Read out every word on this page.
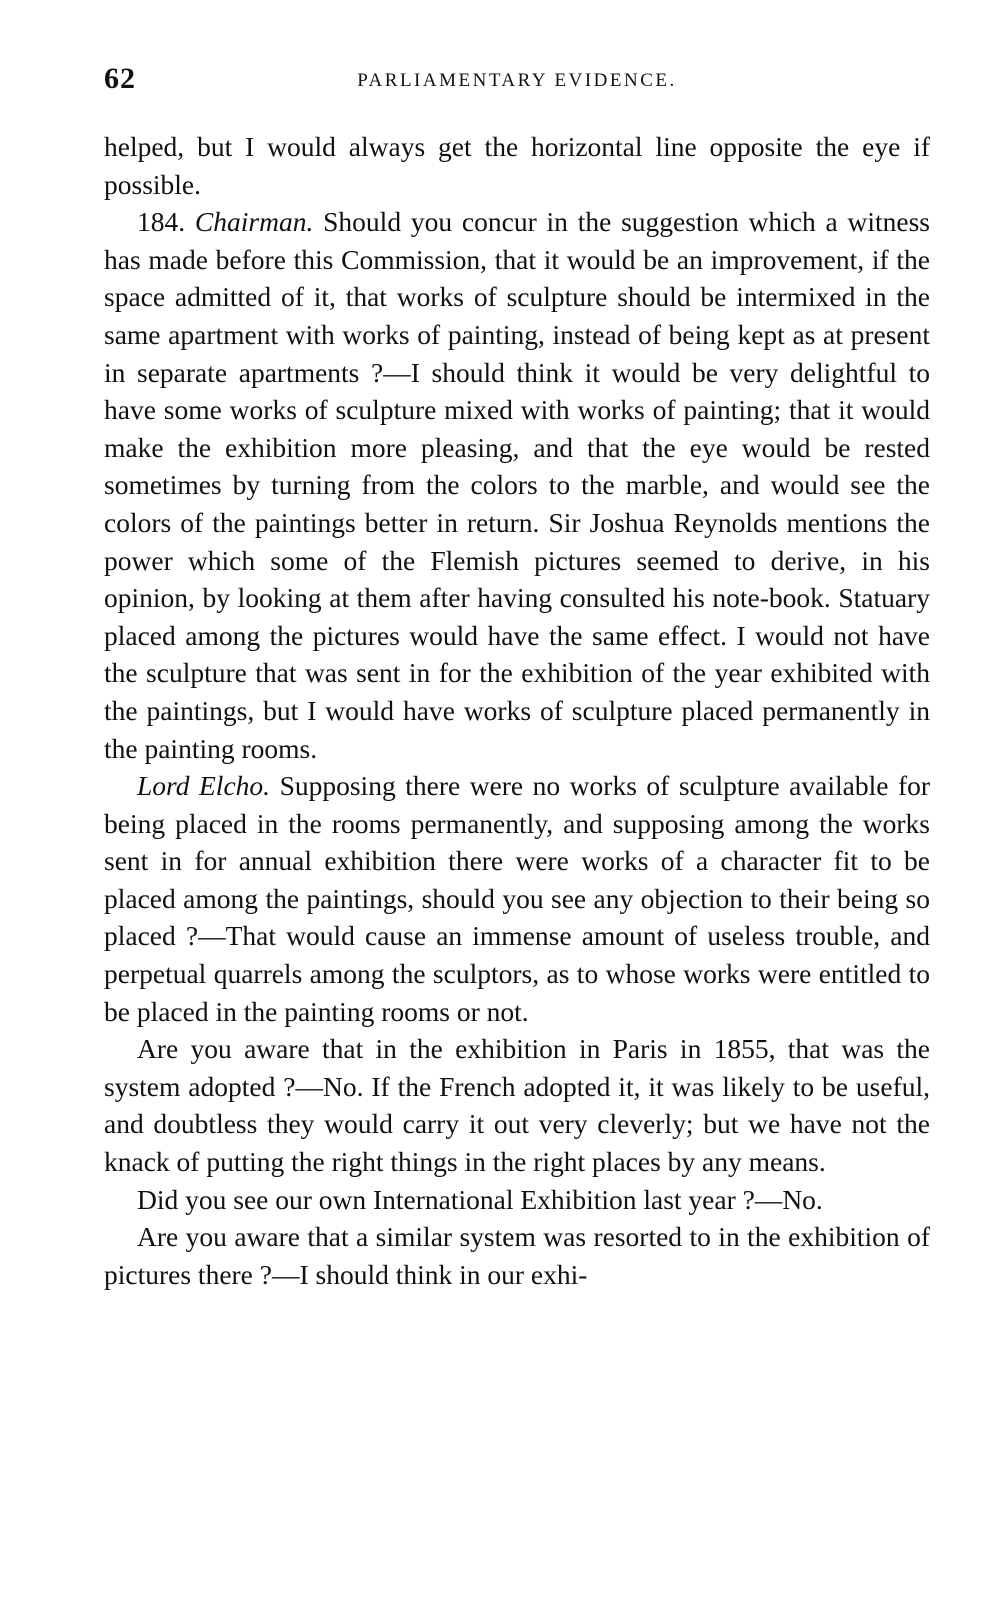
62	PARLIAMENTARY EVIDENCE.

helped, but I would always get the horizontal line opposite the eye if possible.

184. Chairman. Should you concur in the suggestion which a witness has made before this Commission, that it would be an improvement, if the space admitted of it, that works of sculpture should be intermixed in the same apartment with works of painting, instead of being kept as at present in separate apartments ?—I should think it would be very delightful to have some works of sculpture mixed with works of painting; that it would make the exhibition more pleasing, and that the eye would be rested sometimes by turning from the colors to the marble, and would see the colors of the paintings better in return. Sir Joshua Reynolds mentions the power which some of the Flemish pictures seemed to derive, in his opinion, by looking at them after having consulted his note-book. Statuary placed among the pictures would have the same effect. I would not have the sculpture that was sent in for the exhibition of the year exhibited with the paintings, but I would have works of sculpture placed permanently in the painting rooms.

Lord Elcho. Supposing there were no works of sculpture available for being placed in the rooms permanently, and supposing among the works sent in for annual exhibition there were works of a character fit to be placed among the paintings, should you see any objection to their being so placed ?—That would cause an immense amount of useless trouble, and perpetual quarrels among the sculptors, as to whose works were entitled to be placed in the painting rooms or not.

Are you aware that in the exhibition in Paris in 1855, that was the system adopted ?—No. If the French adopted it, it was likely to be useful, and doubtless they would carry it out very cleverly; but we have not the knack of putting the right things in the right places by any means.

Did you see our own International Exhibition last year ?—No.

Are you aware that a similar system was resorted to in the exhibition of pictures there ?—I should think in our exhi-
